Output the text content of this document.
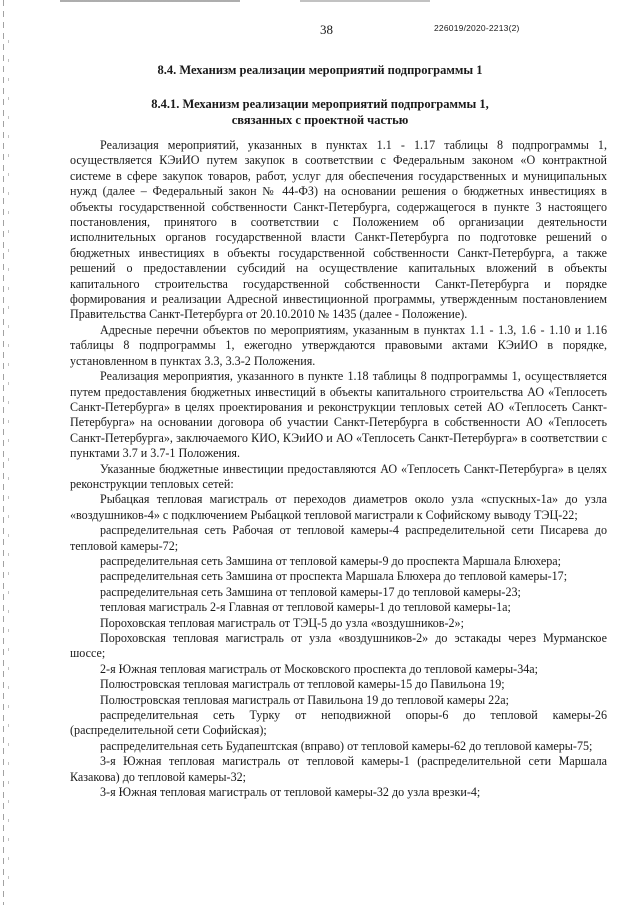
38	226019/2020-2213(2)
8.4. Механизм реализации мероприятий подпрограммы 1
8.4.1. Механизм реализации мероприятий подпрограммы 1,
связанных с проектной частью

Реализация мероприятий, указанных в пунктах 1.1 - 1.17 таблицы 8 подпрограммы 1, осуществляется КЭиИО путем закупок в соответствии с Федеральным законом «О контрактной системе в сфере закупок товаров, работ, услуг для обеспечения государственных и муниципальных нужд (далее – Федеральный закон № 44-ФЗ) на основании решения о бюджетных инвестициях в объекты государственной собственности Санкт-Петербурга, содержащегося в пункте 3 настоящего постановления, принятого в соответствии с Положением об организации деятельности исполнительных органов государственной власти Санкт-Петербурга по подготовке решений о бюджетных инвестициях в объекты государственной собственности Санкт-Петербурга, а также решений о предоставлении субсидий на осуществление капитальных вложений в объекты капитального строительства государственной собственности Санкт-Петербурга и порядке формирования и реализации Адресной инвестиционной программы, утвержденным постановлением Правительства Санкт-Петербурга от 20.10.2010 № 1435 (далее - Положение).

Адресные перечни объектов по мероприятиям, указанным в пунктах 1.1 - 1.3, 1.6 - 1.10 и 1.16 таблицы 8 подпрограммы 1, ежегодно утверждаются правовыми актами КЭиИО в порядке, установленном в пунктах 3.3, 3.3-2 Положения.

Реализация мероприятия, указанного в пункте 1.18 таблицы 8 подпрограммы 1, осуществляется путем предоставления бюджетных инвестиций в объекты капитального строительства АО «Теплосеть Санкт-Петербурга» в целях проектирования и реконструкции тепловых сетей АО «Теплосеть Санкт-Петербурга» на основании договора об участии Санкт-Петербурга в собственности АО «Теплосеть Санкт-Петербурга», заключаемого КИО, КЭиИО и АО «Теплосеть Санкт-Петербурга» в соответствии с пунктами 3.7 и 3.7-1 Положения.

Указанные бюджетные инвестиции предоставляются АО «Теплосеть Санкт-Петербурга» в целях реконструкции тепловых сетей:

Рыбацкая тепловая магистраль от переходов диаметров около узла «спускных-1а» до узла «воздушников-4» с подключением Рыбацкой тепловой магистрали к Софийскому выводу ТЭЦ-22;

распределительная сеть Рабочая от тепловой камеры-4 распределительной сети Писарева до тепловой камеры-72;

распределительная сеть Замшина от тепловой камеры-9 до проспекта Маршала Блюхера;

распределительная сеть Замшина от проспекта Маршала Блюхера до тепловой камеры-17;

распределительная сеть Замшина от тепловой камеры-17 до тепловой камеры-23;

тепловая магистраль 2-я Главная от тепловой камеры-1 до тепловой камеры-1а;

Пороховская тепловая магистраль от ТЭЦ-5 до узла «воздушников-2»;

Пороховская тепловая магистраль от узла «воздушников-2» до эстакады через Мурманское шоссе;

2-я Южная тепловая магистраль от Московского проспекта до тепловой камеры-34а;

Полюстровская тепловая магистраль от тепловой камеры-15 до Павильона 19;

Полюстровская тепловая магистраль от Павильона 19 до тепловой камеры 22а;

распределительная сеть Турку от неподвижной опоры-6 до тепловой камеры-26 (распределительной сети Софийская);

распределительная сеть Будапештская (вправо) от тепловой камеры-62 до тепловой камеры-75;

3-я Южная тепловая магистраль от тепловой камеры-1 (распределительной сети Маршала Казакова) до тепловой камеры-32;

3-я Южная тепловая магистраль от тепловой камеры-32 до узла врезки-4;
